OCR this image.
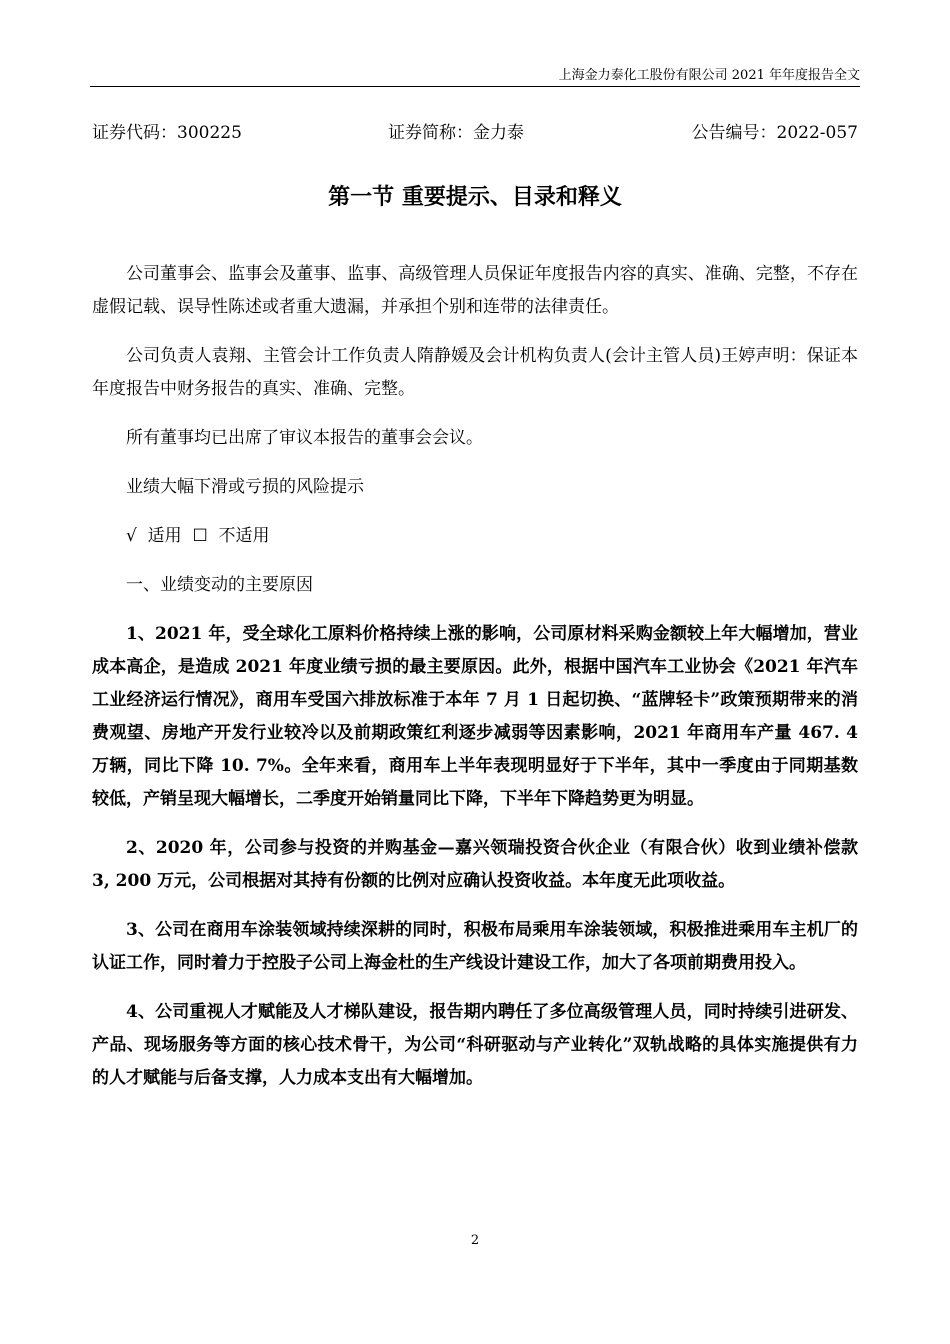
上海金力泰化工股份有限公司 2021 年年度报告全文
证券代码：300225	证券简称：金力泰	公告编号：2022-057
第一节 重要提示、目录和释义

公司董事会、监事会及董事、监事、高级管理人员保证年度报告内容的真实、准确、完整，不存在虚假记载、误导性陈述或者重大遗漏，并承担个别和连带的法律责任。

公司负责人袁翔、主管会计工作负责人隋静媛及会计机构负责人(会计主管人员)王婷声明：保证本年度报告中财务报告的真实、准确、完整。

所有董事均已出席了审议本报告的董事会会议。

业绩大幅下滑或亏损的风险提示

√ 适用 ☐ 不适用

一、业绩变动的主要原因

1、2021 年，受全球化工原料价格持续上涨的影响，公司原材料采购金额较上年大幅增加，营业成本高企，是造成 2021 年度业绩亏损的最主要原因。此外，根据中国汽车工业协会《2021 年汽车工业经济运行情况》，商用车受国六排放标准于本年 7 月 1 日起切换、“蓝牌轻卡”政策预期带来的消费观望、房地产开发行业较冷以及前期政策红利逐步减弱等因素影响，2021 年商用车产量 467. 4 万辆，同比下降 10. 7%。全年来看，商用车上半年表现明显好于下半年，其中一季度由于同期基数较低，产销呈现大幅增长，二季度开始销量同比下降，下半年下降趋势更为明显。

2、2020 年，公司参与投资的并购基金—嘉兴领瑞投资合伙企业（有限合伙）收到业绩补偿款 3, 200 万元，公司根据对其持有份额的比例对应确认投资收益。本年度无此项收益。

3、公司在商用车涂装领域持续深耕的同时，积极布局乘用车涂装领域，积极推进乘用车主机厂的认证工作，同时着力于控股子公司上海金杜的生产线设计建设工作，加大了各项前期费用投入。

4、公司重视人才赋能及人才梯队建设，报告期内聘任了多位高级管理人员，同时持续引进研发、产品、现场服务等方面的核心技术骨干，为公司“科研驱动与产业转化”双轨战略的具体实施提供有力的人才赋能与后备支撑，人力成本支出有大幅增加。

2
